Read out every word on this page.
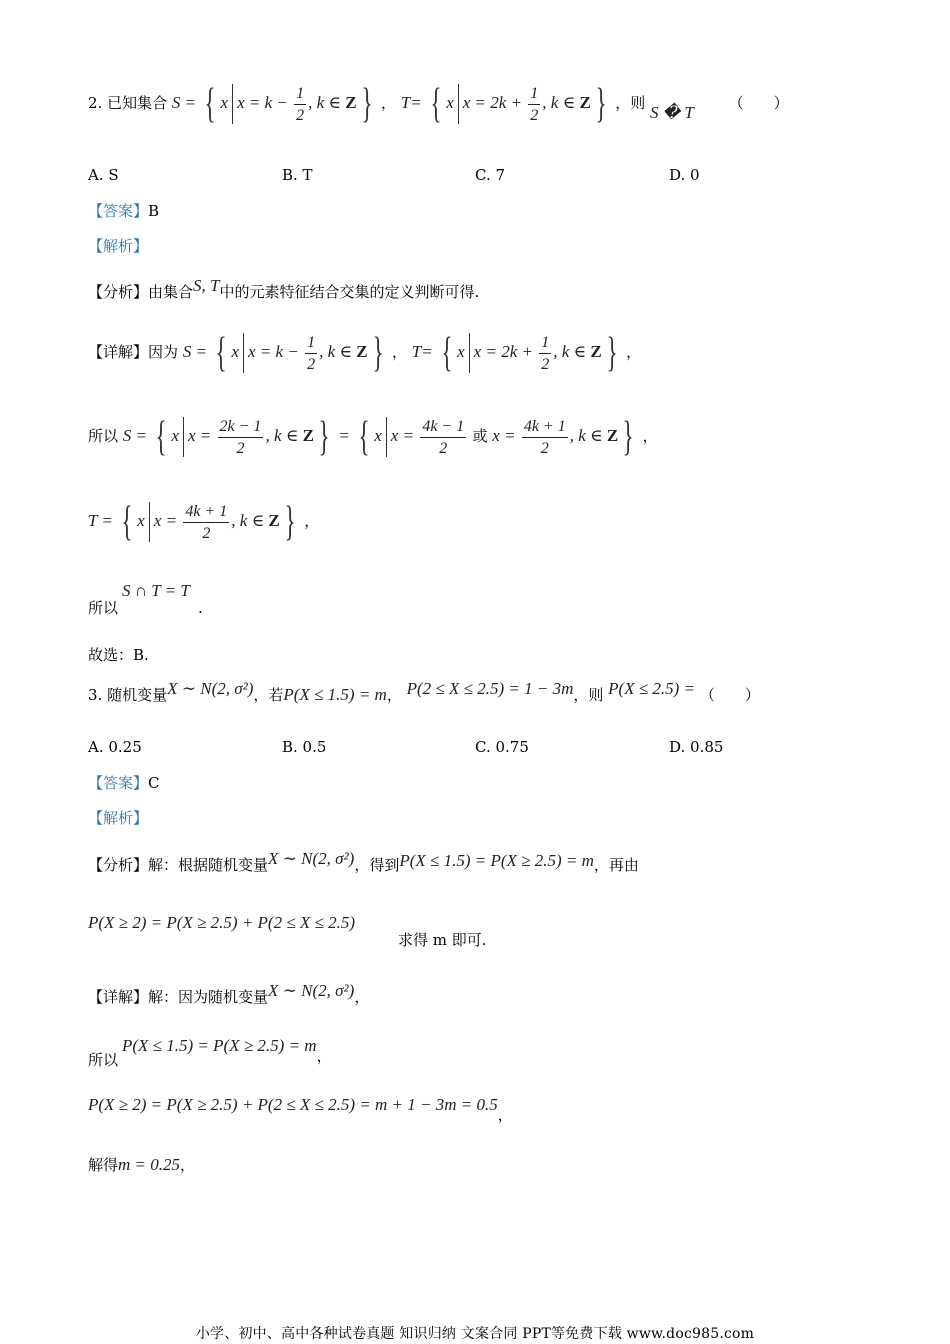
2. 已知集合 S = { x $x = k - \frac{1}{2}$ , k ∈ Z } ， T= { x $x = 2k + \frac{1}{2}$ , k ∈ Z } ，则 S � T （　　）
A. S	B. T	C. 7	D. 0
【答案】B
【解析】
【分析】由集合S, T中的元素特征结合交集的定义判断可得.
【详解】因为 S = { x $x = k - \frac{1}{2}$ , k ∈ Z } ， T= { x $x = 2k + \frac{1}{2}$ , k ∈ Z } ，
所以 S = { x $x = \frac{2k - 1}{2}$ , k ∈ Z } = { x $x = \frac{4k - 1}{2}$ 或 $x = \frac{4k + 1}{2}$ , k ∈ Z } ，
T = { x $x = \frac{4k + 1}{2}$ , k ∈ Z } ，
S ∩ T = T
所以	.
故选：B.
3. 随机变量X ∼ N(2, σ²)，若P(X ≤ 1.5) = m， P(2 ≤ X ≤ 2.5) = 1 − 3m，则 P(X ≤ 2.5) = （　　）
A. 0.25	B. 0.5	C. 0.75	D. 0.85
【答案】C
【解析】
【分析】解：根据随机变量X ∼ N(2, σ²)，得到P(X ≤ 1.5) = P(X ≥ 2.5) = m，再由
P(X ≥ 2) = P(X ≥ 2.5) + P(2 ≤ X ≤ 2.5)
求得 m 即可.
【详解】解：因为随机变量X ∼ N(2, σ²)，
P(X ≤ 1.5) = P(X ≥ 2.5) = m，
所以
P(X ≥ 2) = P(X ≥ 2.5) + P(2 ≤ X ≤ 2.5) = m + 1 − 3m = 0.5，
解得m = 0.25，
小学、初中、高中各种试卷真题 知识归纳 文案合同 PPT等免费下载 www.doc985.com
